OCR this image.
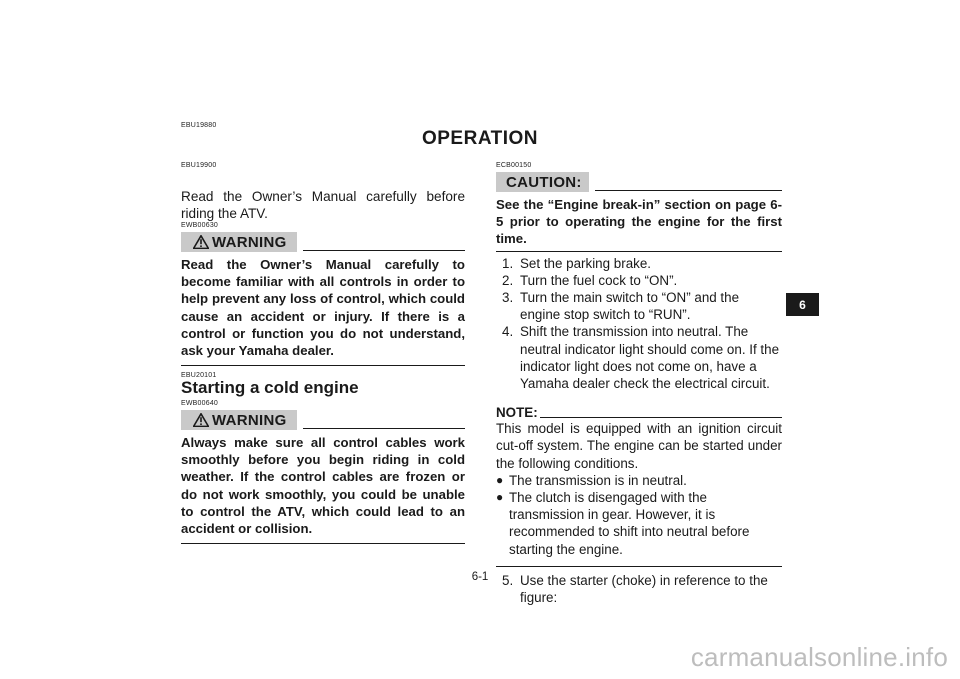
EBU19880
OPERATION
EBU19900

Read the Owner’s Manual carefully before riding the ATV.

EWB00630
WARNING

Read the Owner’s Manual carefully to become familiar with all controls in order to help prevent any loss of control, which could cause an accident or injury. If there is a control or function you do not understand, ask your Yamaha dealer.

EBU20101
Starting a cold engine
EWB00640
WARNING

Always make sure all control cables work smoothly before you begin riding in cold weather. If the control cables are frozen or do not work smoothly, you could be unable to control the ATV, which could lead to an accident or collision.

ECB00150
CAUTION:

See the “Engine break-in” section on page 6-5 prior to operating the engine for the first time.

1. Set the parking brake.
2. Turn the fuel cock to “ON”.
3. Turn the main switch to “ON” and the engine stop switch to “RUN”.
4. Shift the transmission into neutral. The neutral indicator light should come on. If the indicator light does not come on, have a Yamaha dealer check the electrical circuit.
NOTE:

This model is equipped with an ignition circuit cut-off system. The engine can be started under the following conditions.

● The transmission is in neutral.
● The clutch is disengaged with the transmission in gear. However, it is recommended to shift into neutral before starting the engine.
5. Use the starter (choke) in reference to the figure:
6-1
6
carmanualsonline.info
